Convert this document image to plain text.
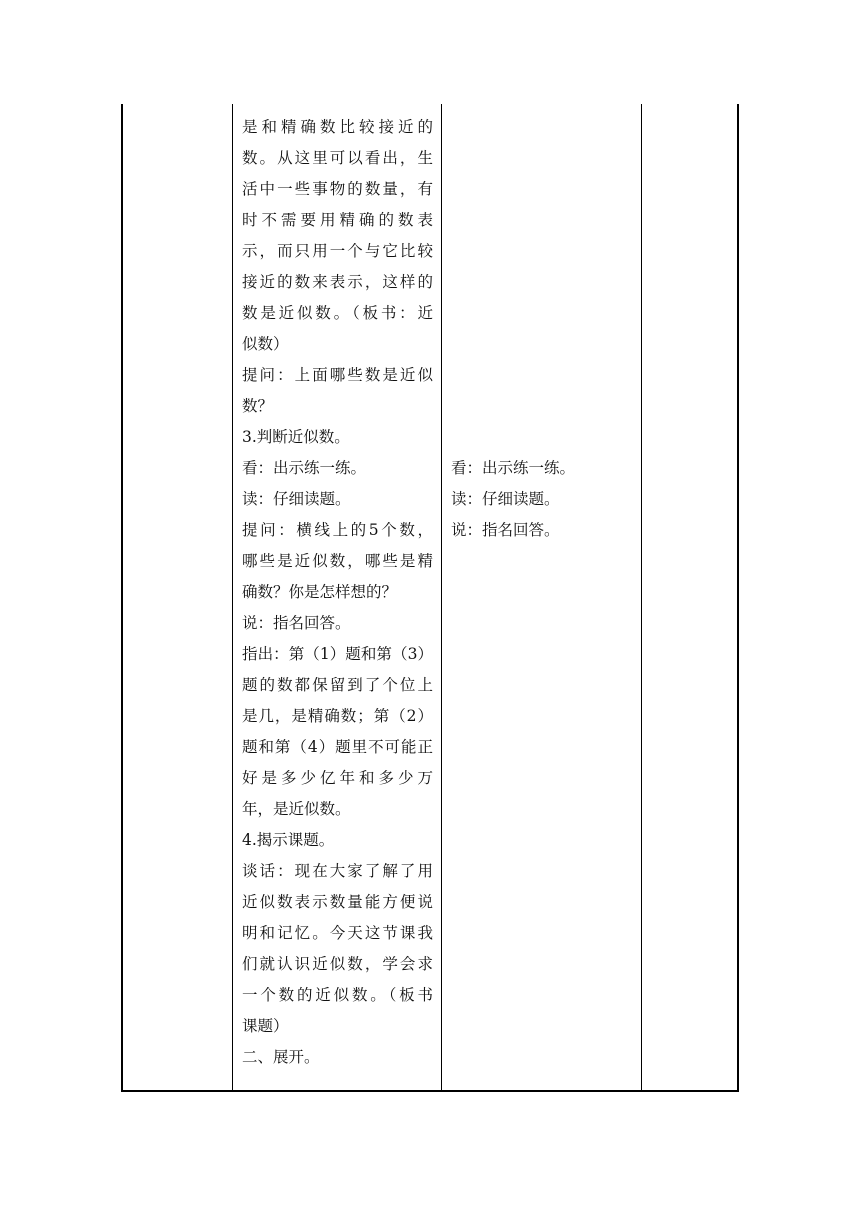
是和精确数比较接近的

数。从这里可以看出，生

活中一些事物的数量，有

时不需要用精确的数表

示，而只用一个与它比较

接近的数来表示，这样的

数是近似数。（板书：近

似数）

提问：上面哪些数是近似

数？

3.判断近似数。

看：出示练一练。

读：仔细读题。

提问：横线上的5个数，

哪些是近似数，哪些是精

确数？你是怎样想的？

说：指名回答。

指出：第（1）题和第（3）

题的数都保留到了个位上

是几，是精确数；第（2）

题和第（4）题里不可能正

好是多少亿年和多少万

年，是近似数。

4.揭示课题。

谈话：现在大家了解了用

近似数表示数量能方便说

明和记忆。今天这节课我

们就认识近似数，学会求

一个数的近似数。（板书

课题）

二、展开。

看：出示练一练。

读：仔细读题。

说：指名回答。
